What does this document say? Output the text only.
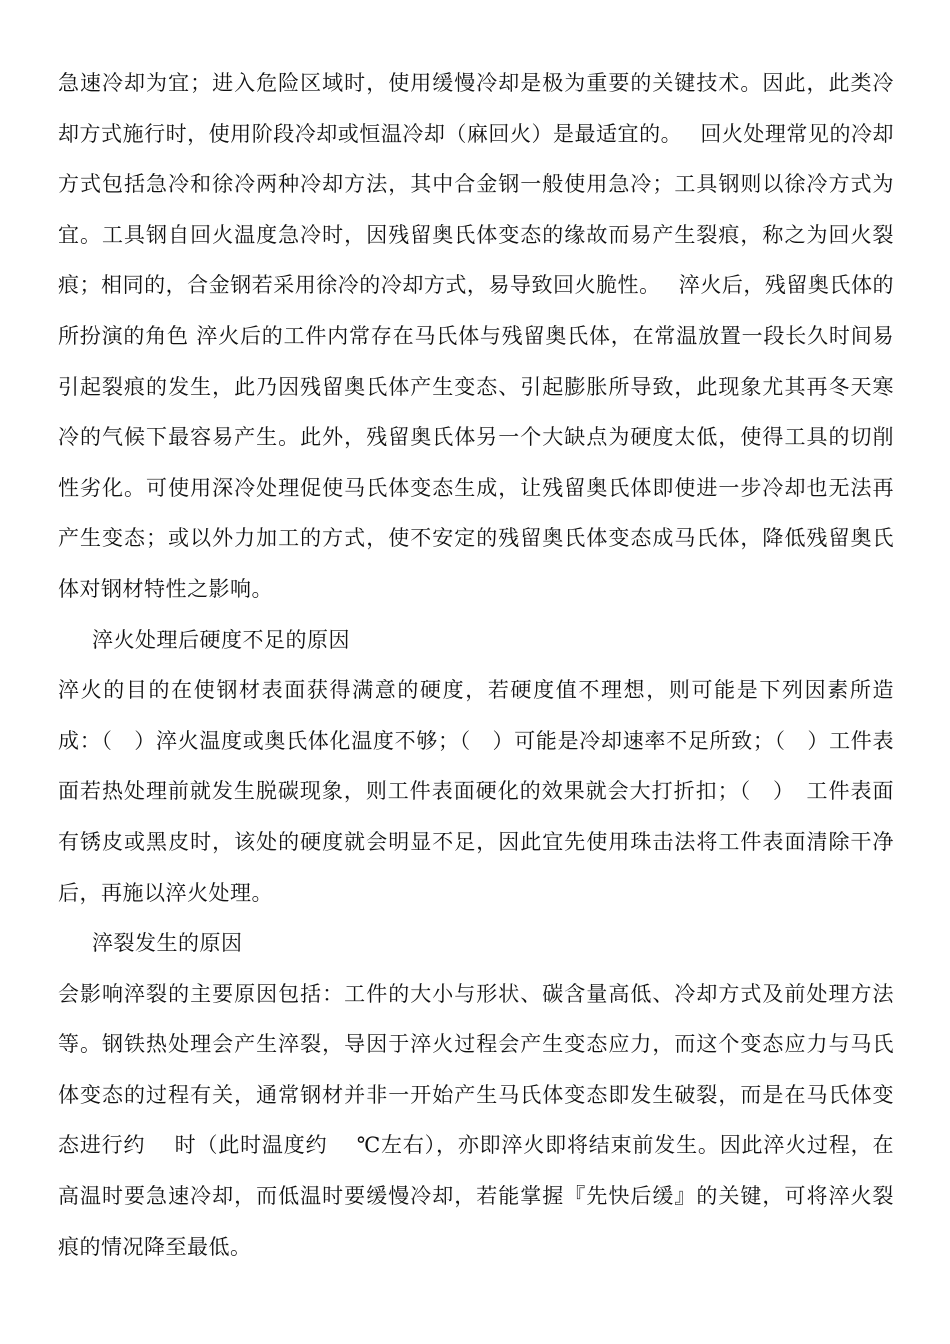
急速冷却为宜；进入危险区域时，使用缓慢冷却是极为重要的关键技术。因此，此类冷却方式施行时，使用阶段冷却或恒温冷却（麻回火）是最适宜的。　 回火处理常见的冷却方式包括急冷和徐冷两种冷却方法，其中合金钢一般使用急冷；工具钢则以徐冷方式为宜。工具钢自回火温度急冷时，因残留奥氏体变态的缘故而易产生裂痕，称之为回火裂痕；相同的，合金钢若采用徐冷的冷却方式，易导致回火脆性。　 淬火后，残留奥氏体的所扮演的角色 淬火后的工件内常存在马氏体与残留奥氏体，在常温放置一段长久时间易引起裂痕的发生，此乃因残留奥氏体产生变态、引起膨胀所导致，此现象尤其再冬天寒冷的气候下最容易产生。此外，残留奥氏体另一个大缺点为硬度太低，使得工具的切削性劣化。可使用深冷处理促使马氏体变态生成，让残留奥氏体即使进一步冷却也无法再产生变态；或以外力加工的方式，使不安定的残留奥氏体变态成马氏体，降低残留奥氏体对钢材特性之影响。

淬火处理后硬度不足的原因

淬火的目的在使钢材表面获得满意的硬度，若硬度值不理想，则可能是下列因素所造成：（　）淬火温度或奥氏体化温度不够；（　）可能是冷却速率不足所致；（　）工件表面若热处理前就发生脱碳现象，则工件表面硬化的效果就会大打折扣；（　）　工件表面有锈皮或黑皮时，该处的硬度就会明显不足，因此宜先使用珠击法将工件表面清除干净后，再施以淬火处理。

淬裂发生的原因

会影响淬裂的主要原因包括：工件的大小与形状、碳含量高低、冷却方式及前处理方法等。钢铁热处理会产生淬裂，导因于淬火过程会产生变态应力，而这个变态应力与马氏体变态的过程有关，通常钢材并非一开始产生马氏体变态即发生破裂，而是在马氏体变态进行约　 时（此时温度约　 ℃左右），亦即淬火即将结束前发生。因此淬火过程，在高温时要急速冷却，而低温时要缓慢冷却，若能掌握『先快后缓』的关键，可将淬火裂痕的情况降至最低。
